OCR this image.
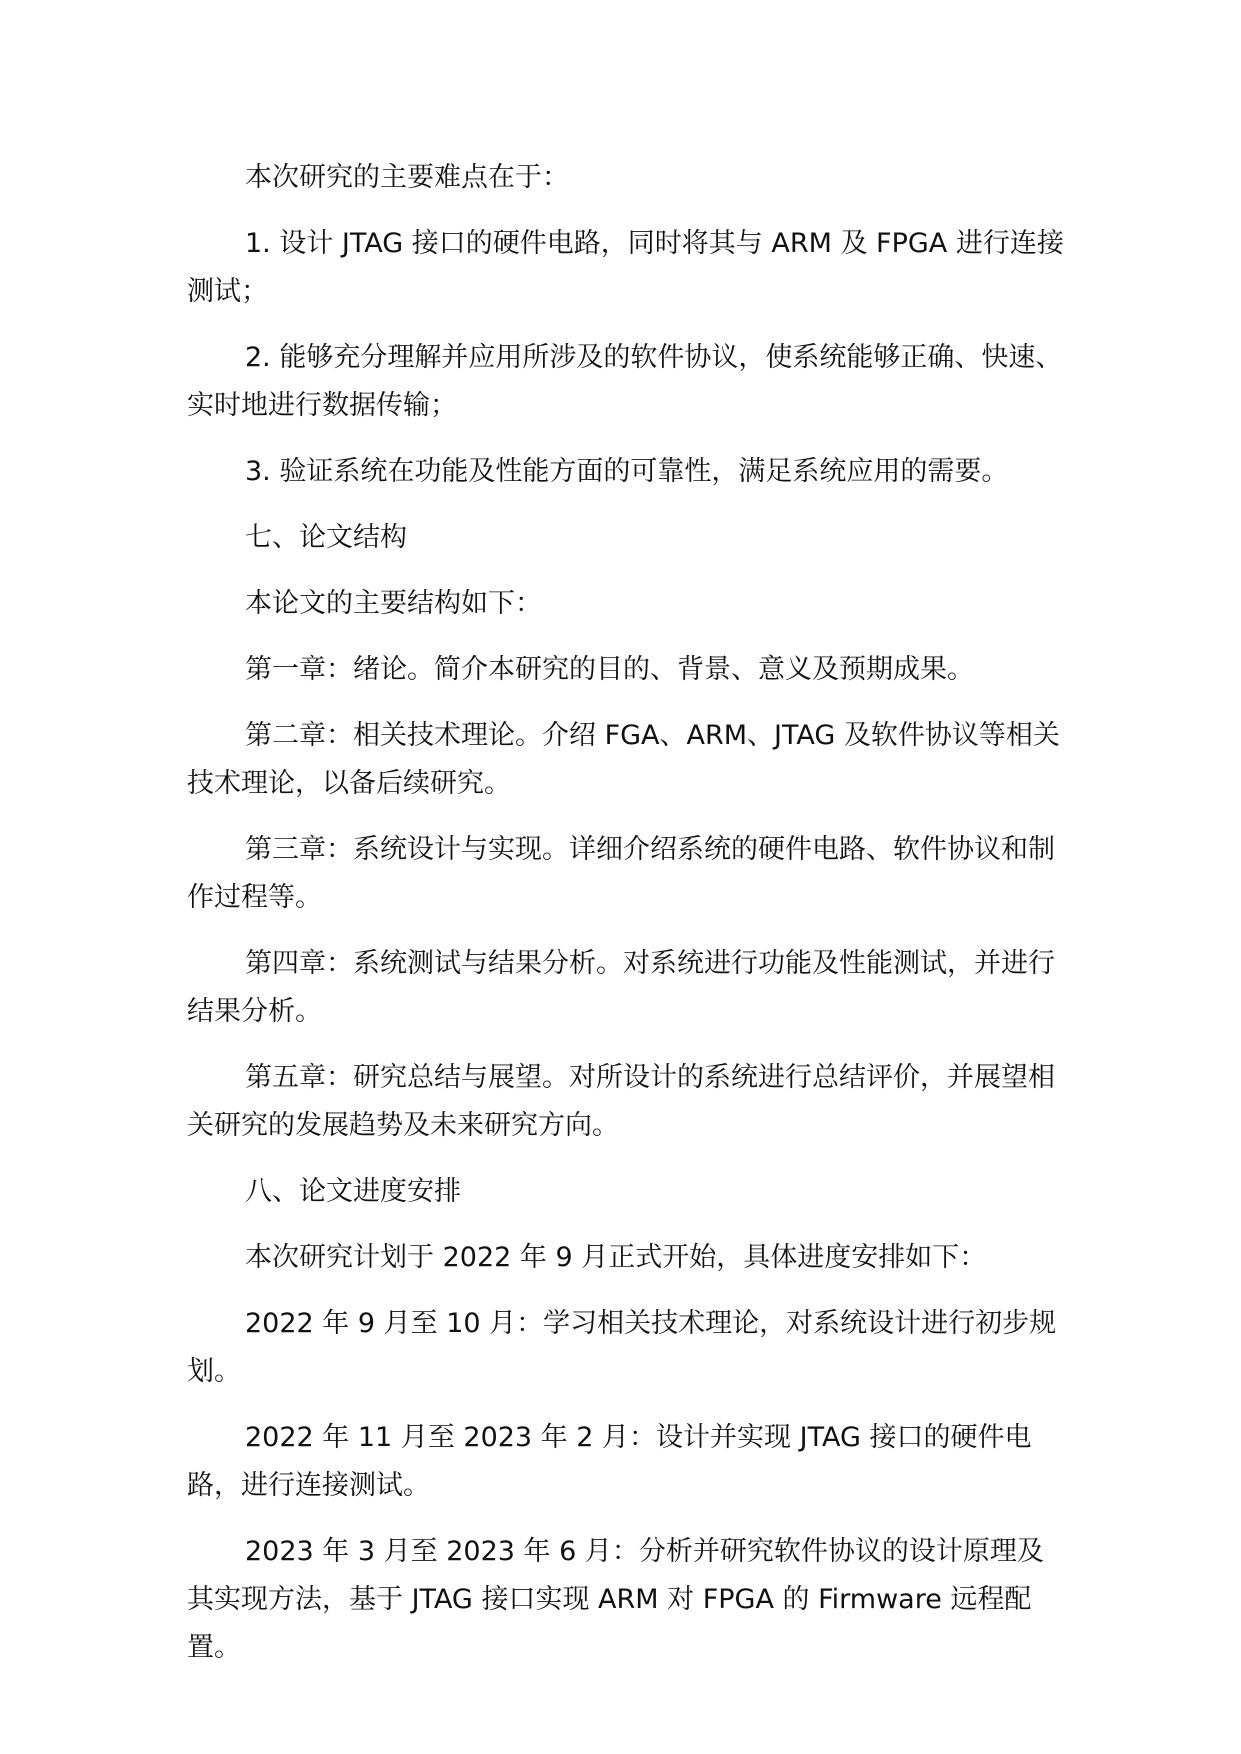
本次研究的主要难点在于：

1. 设计 JTAG 接口的硬件电路，同时将其与 ARM 及 FPGA 进行连接测试；

2. 能够充分理解并应用所涉及的软件协议，使系统能够正确、快速、实时地进行数据传输；

3. 验证系统在功能及性能方面的可靠性，满足系统应用的需要。

七、论文结构

本论文的主要结构如下：

第一章：绪论。简介本研究的目的、背景、意义及预期成果。

第二章：相关技术理论。介绍 FGA、ARM、JTAG 及软件协议等相关技术理论，以备后续研究。

第三章：系统设计与实现。详细介绍系统的硬件电路、软件协议和制作过程等。

第四章：系统测试与结果分析。对系统进行功能及性能测试，并进行结果分析。

第五章：研究总结与展望。对所设计的系统进行总结评价，并展望相关研究的发展趋势及未来研究方向。

八、论文进度安排

本次研究计划于 2022 年 9 月正式开始，具体进度安排如下：

2022 年 9 月至 10 月：学习相关技术理论，对系统设计进行初步规划。

2022 年 11 月至 2023 年 2 月：设计并实现 JTAG 接口的硬件电路，进行连接测试。

2023 年 3 月至 2023 年 6 月：分析并研究软件协议的设计原理及其实现方法，基于 JTAG 接口实现 ARM 对 FPGA 的 Firmware 远程配置。
